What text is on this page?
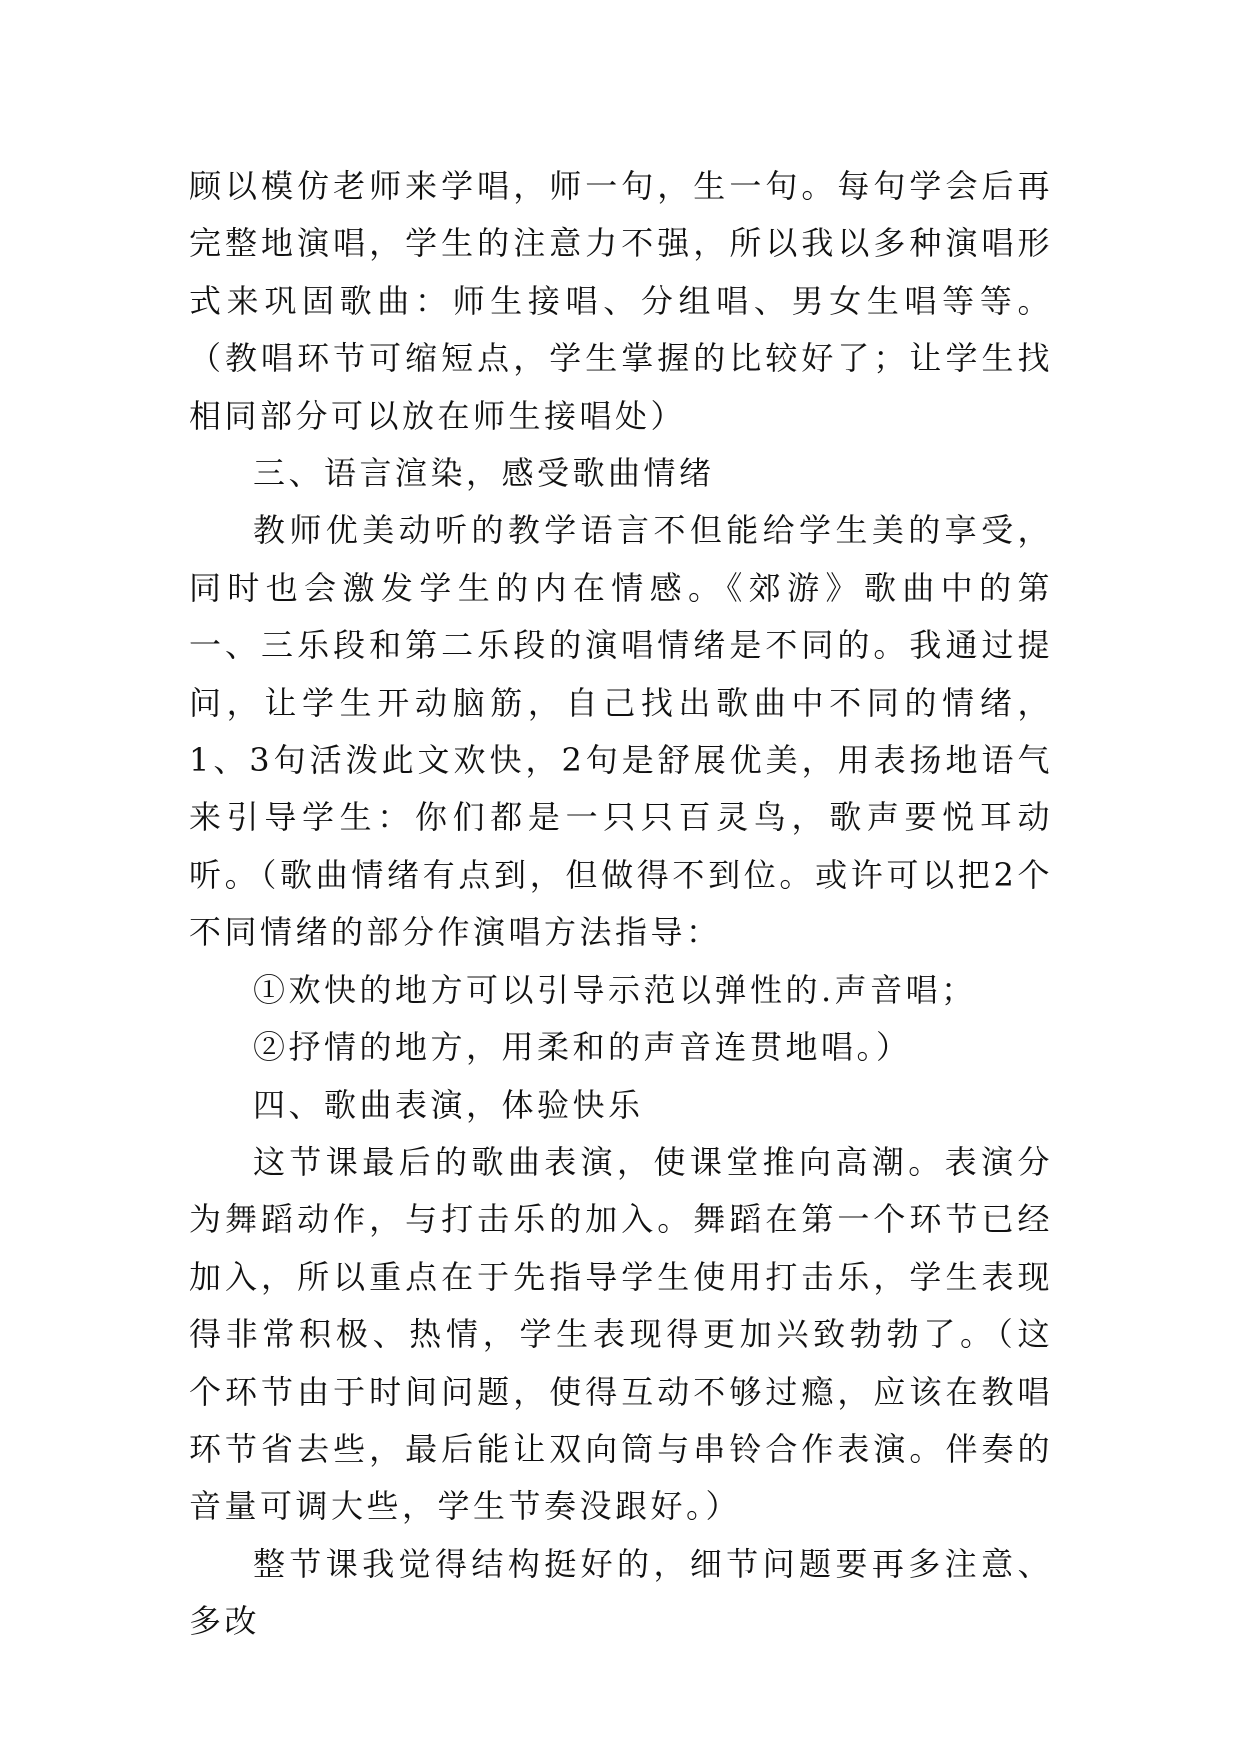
顾以模仿老师来学唱，师一句，生一句。每句学会后再完整地演唱，学生的注意力不强，所以我以多种演唱形式来巩固歌曲：师生接唱、分组唱、男女生唱等等。（教唱环节可缩短点，学生掌握的比较好了；让学生找相同部分可以放在师生接唱处）

三、语言渲染，感受歌曲情绪

教师优美动听的教学语言不但能给学生美的享受，同时也会激发学生的内在情感。《郊游》歌曲中的第一、三乐段和第二乐段的演唱情绪是不同的。我通过提问，让学生开动脑筋，自己找出歌曲中不同的情绪，1、3句活泼此文欢快，2句是舒展优美，用表扬地语气来引导学生：你们都是一只只百灵鸟，歌声要悦耳动听。（歌曲情绪有点到，但做得不到位。或许可以把2个不同情绪的部分作演唱方法指导：

①欢快的地方可以引导示范以弹性的.声音唱；

②抒情的地方，用柔和的声音连贯地唱。）

四、歌曲表演，体验快乐

这节课最后的歌曲表演，使课堂推向高潮。表演分为舞蹈动作，与打击乐的加入。舞蹈在第一个环节已经加入，所以重点在于先指导学生使用打击乐，学生表现得非常积极、热情，学生表现得更加兴致勃勃了。（这个环节由于时间问题，使得互动不够过瘾，应该在教唱环节省去些，最后能让双向筒与串铃合作表演。伴奏的音量可调大些，学生节奏没跟好。）

整节课我觉得结构挺好的，细节问题要再多注意、多改
